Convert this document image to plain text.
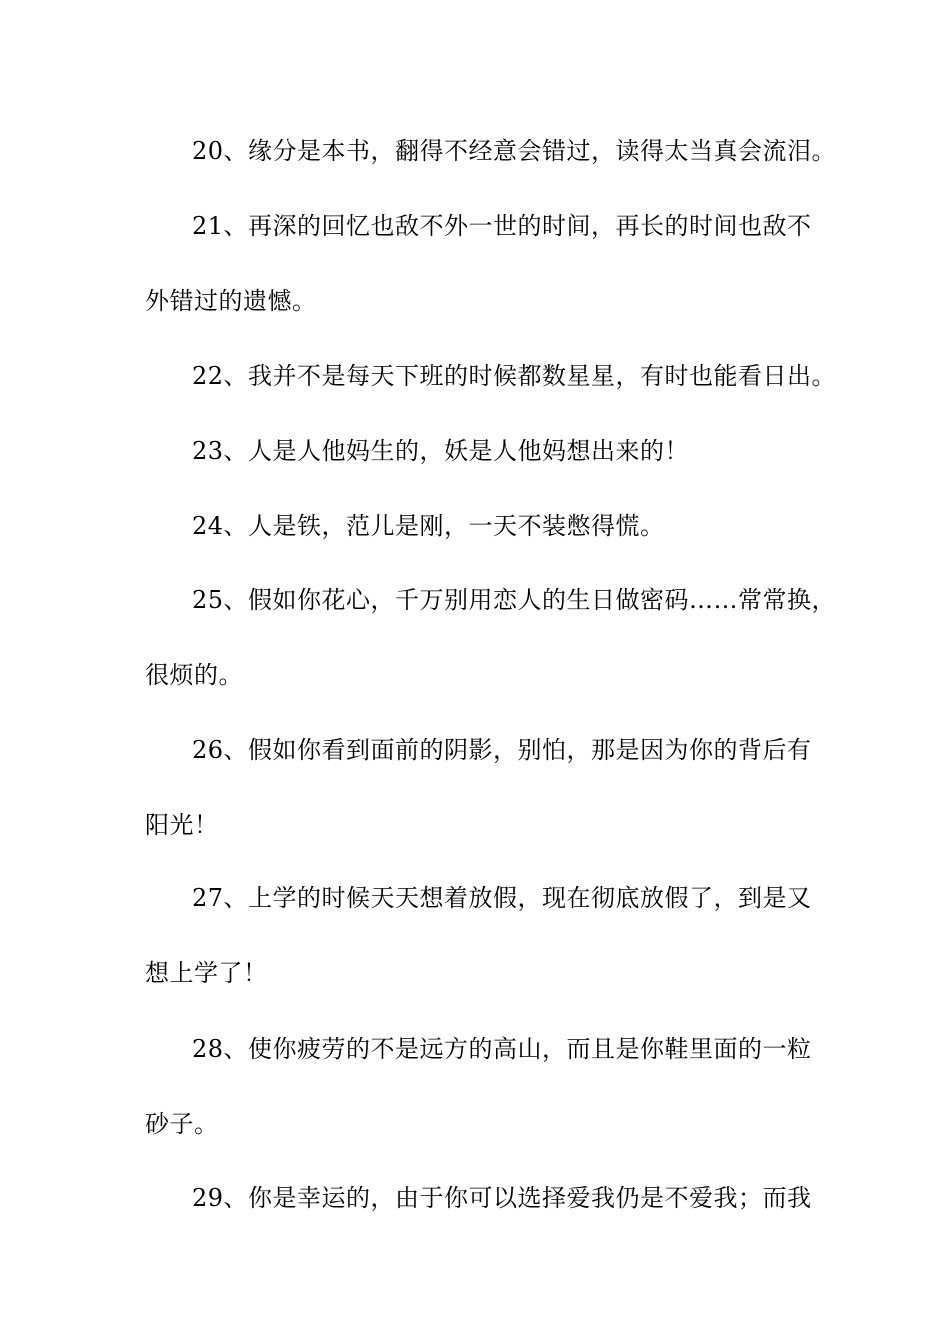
20、缘分是本书，翻得不经意会错过，读得太当真会流泪。
21、再深的回忆也敌不外一世的时间，再长的时间也敌不
外错过的遗憾。
22、我并不是每天下班的时候都数星星，有时也能看日出。
23、人是人他妈生的，妖是人他妈想出来的！
24、人是铁，范儿是刚，一天不装憋得慌。
25、假如你花心，千万别用恋人的生日做密码……常常换，
很烦的。
26、假如你看到面前的阴影，别怕，那是因为你的背后有
阳光！
27、上学的时候天天想着放假，现在彻底放假了，到是又
想上学了！
28、使你疲劳的不是远方的高山，而且是你鞋里面的一粒
砂子。
29、你是幸运的，由于你可以选择爱我仍是不爱我；而我
